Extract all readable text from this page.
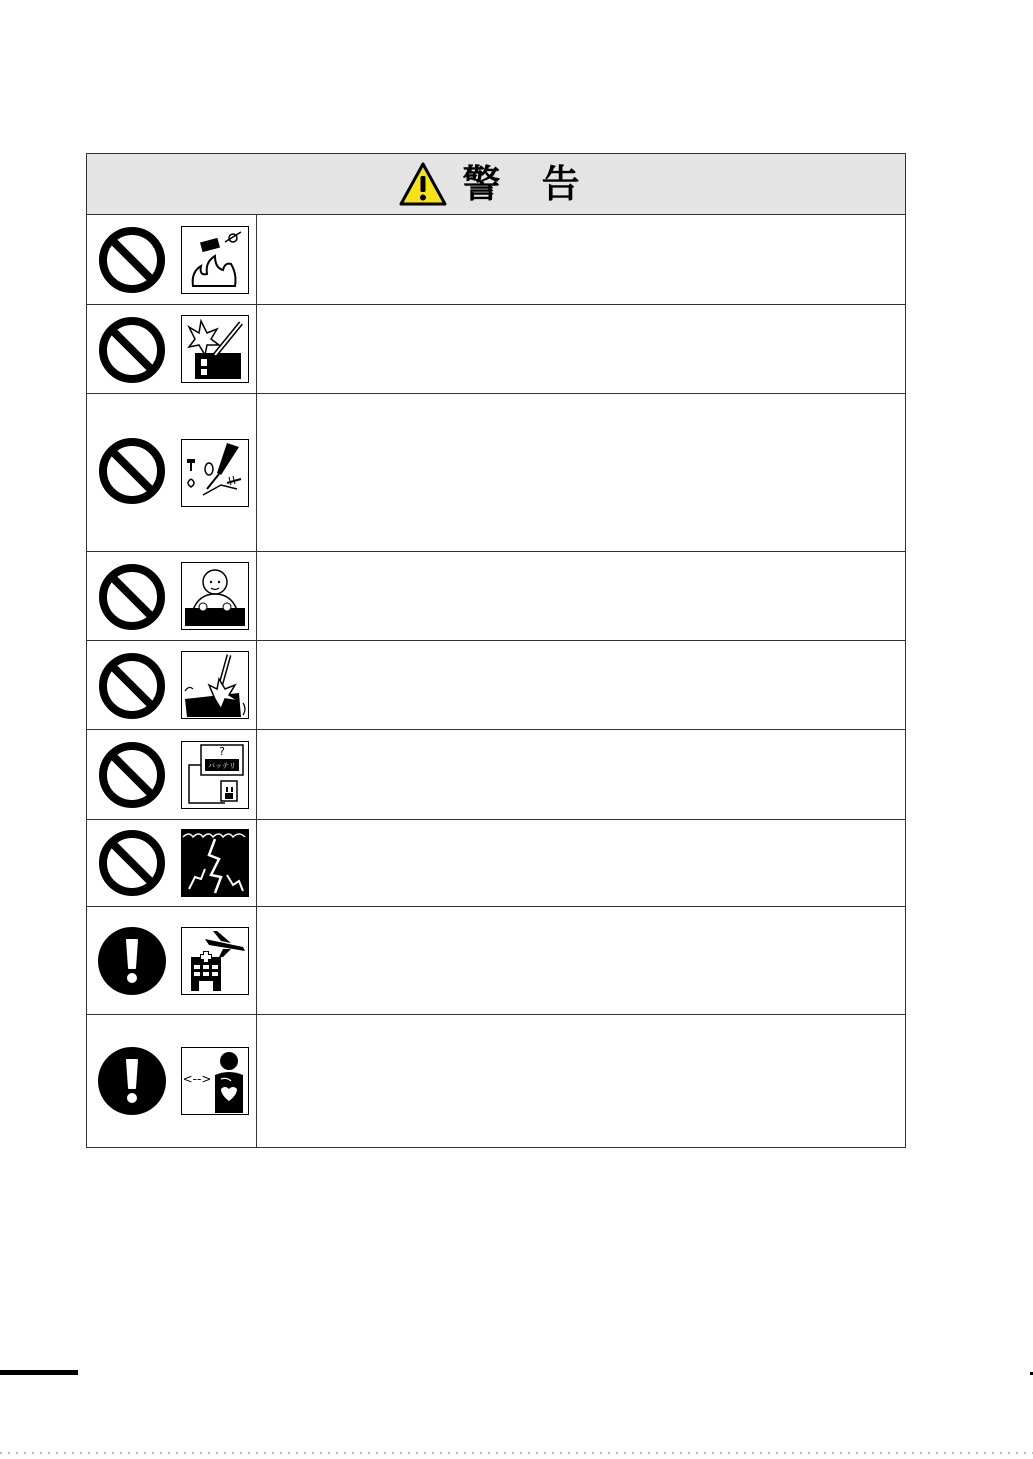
警 告
?
バッテリ
<-->
